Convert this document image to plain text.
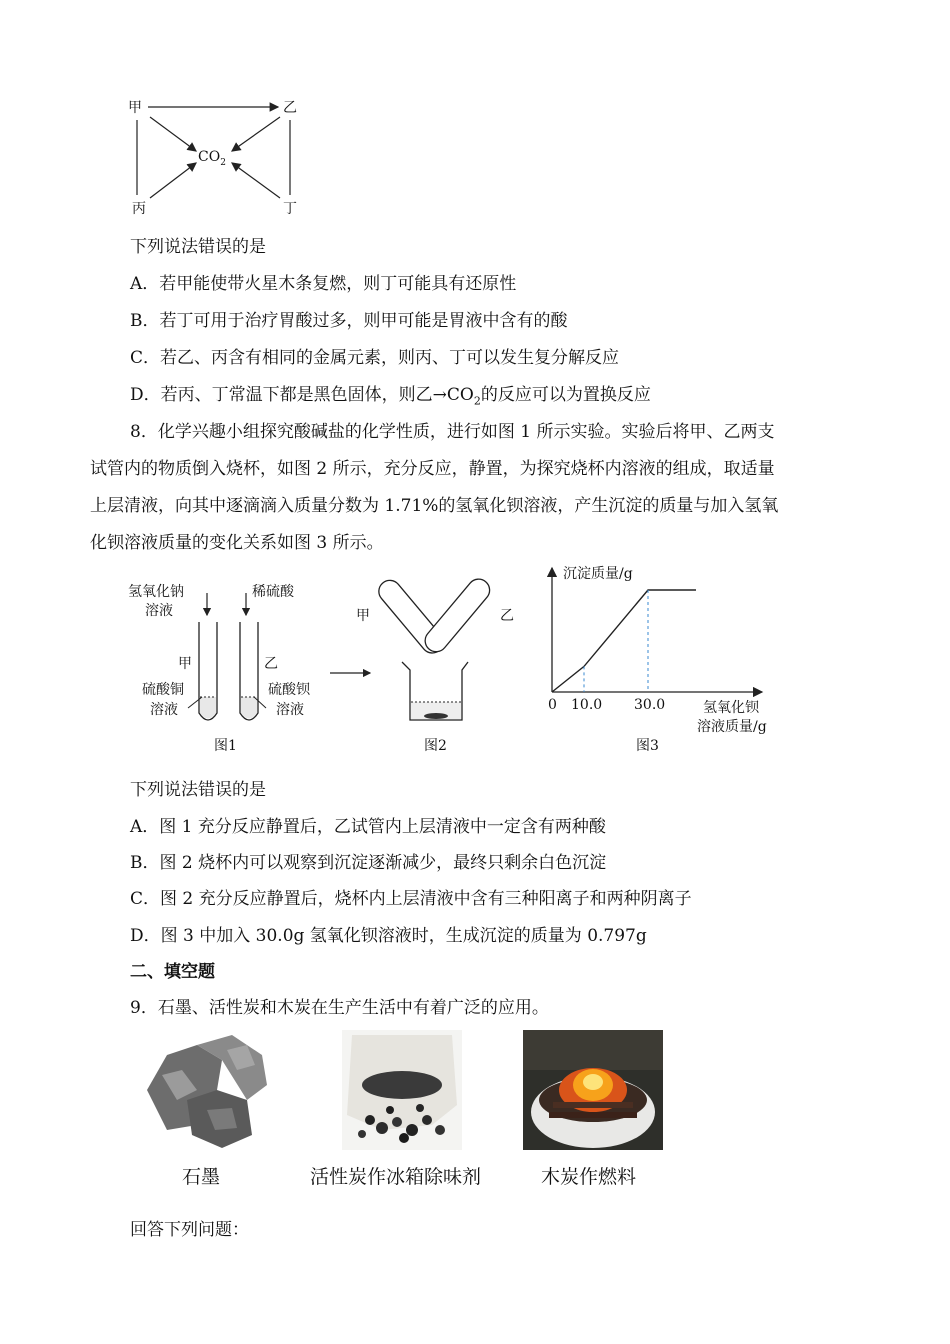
甲	乙
丙	丁
$CO_2$
下列说法错误的是
A．若甲能使带火星木条复燃，则丁可能具有还原性
B．若丁可用于治疗胃酸过多，则甲可能是胃液中含有的酸
C．若乙、丙含有相同的金属元素，则丙、丁可以发生复分解反应
D．若丙、丁常温下都是黑色固体，则乙$\to CO_2$的反应可以为置换反应
8．化学兴趣小组探究酸碱盐的化学性质，进行如图 1 所示实验。实验后将甲、乙两支
试管内的物质倒入烧杯，如图 2 所示，充分反应，静置，为探究烧杯内溶液的组成，取适量
上层清液，向其中逐滴滴入质量分数为 1.71%的氢氧化钡溶液，产生沉淀的质量与加入氢氧
化钡溶液质量的变化关系如图 3 所示。
氢氧化钠
溶液
稀硫酸
甲	乙
硫酸铜
溶液
硫酸钡
溶液
图1
甲	乙
图2
沉淀质量/g
氢氧化钡
溶液质量/g
0 10.0 30.0
图3
下列说法错误的是
A．图 1 充分反应静置后，乙试管内上层清液中一定含有两种酸
B．图 2 烧杯内可以观察到沉淀逐渐减少，最终只剩余白色沉淀
C．图 2 充分反应静置后，烧杯内上层清液中含有三种阳离子和两种阴离子
D．图 3 中加入 30.0g 氢氧化钡溶液时，生成沉淀的质量为 0.797g
二、填空题
9．石墨、活性炭和木炭在生产生活中有着广泛的应用。
石墨	活性炭作冰箱除味剂	木炭作燃料
回答下列问题：
